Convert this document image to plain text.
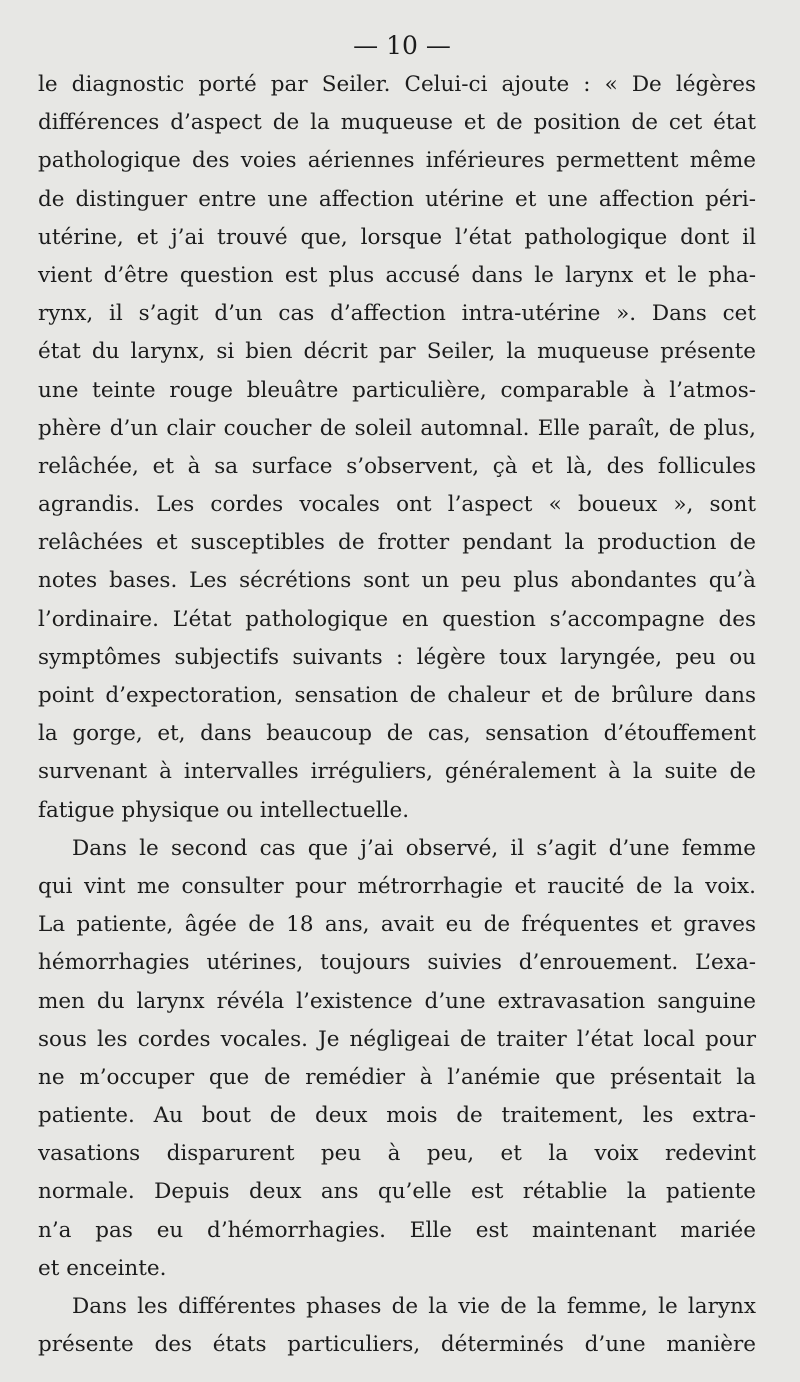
— 10 —
le diagnostic porté par Seiler. Celui-ci ajoute : « De légères
différences d’aspect de la muqueuse et de position de cet état
pathologique des voies aériennes inférieures permettent même
de distinguer entre une affection utérine et une affection péri-
utérine, et j’ai trouvé que, lorsque l’état pathologique dont il
vient d’être question est plus accusé dans le larynx et le pha-
rynx, il s’agit d’un cas d’affection intra-utérine ». Dans cet
état du larynx, si bien décrit par Seiler, la muqueuse présente
une teinte rouge bleuâtre particulière, comparable à l’atmos-
phère d’un clair coucher de soleil automnal. Elle paraît, de plus,
relâchée, et à sa surface s’observent, çà et là, des follicules
agrandis. Les cordes vocales ont l’aspect « boueux », sont
relâchées et susceptibles de frotter pendant la production de
notes bases. Les sécrétions sont un peu plus abondantes qu’à
l’ordinaire. L’état pathologique en question s’accompagne des
symptômes subjectifs suivants : légère toux laryngée, peu ou
point d’expectoration, sensation de chaleur et de brûlure dans
la gorge, et, dans beaucoup de cas, sensation d’étouffement
survenant à intervalles irréguliers, généralement à la suite de
fatigue physique ou intellectuelle.
Dans le second cas que j’ai observé, il s’agit d’une femme
qui vint me consulter pour métrorrhagie et raucité de la voix.
La patiente, âgée de 18 ans, avait eu de fréquentes et graves
hémorrhagies utérines, toujours suivies d’enrouement. L’exa-
men du larynx révéla l’existence d’une extravasation sanguine
sous les cordes vocales. Je négligeai de traiter l’état local pour
ne m’occuper que de remédier à l’anémie que présentait la
patiente. Au bout de deux mois de traitement, les extra-
vasations disparurent peu à peu, et la voix redevint
normale. Depuis deux ans qu’elle est rétablie la patiente
n’a pas eu d’hémorrhagies. Elle est maintenant mariée
et enceinte.
Dans les différentes phases de la vie de la femme, le larynx
présente des états particuliers, déterminés d’une manière
